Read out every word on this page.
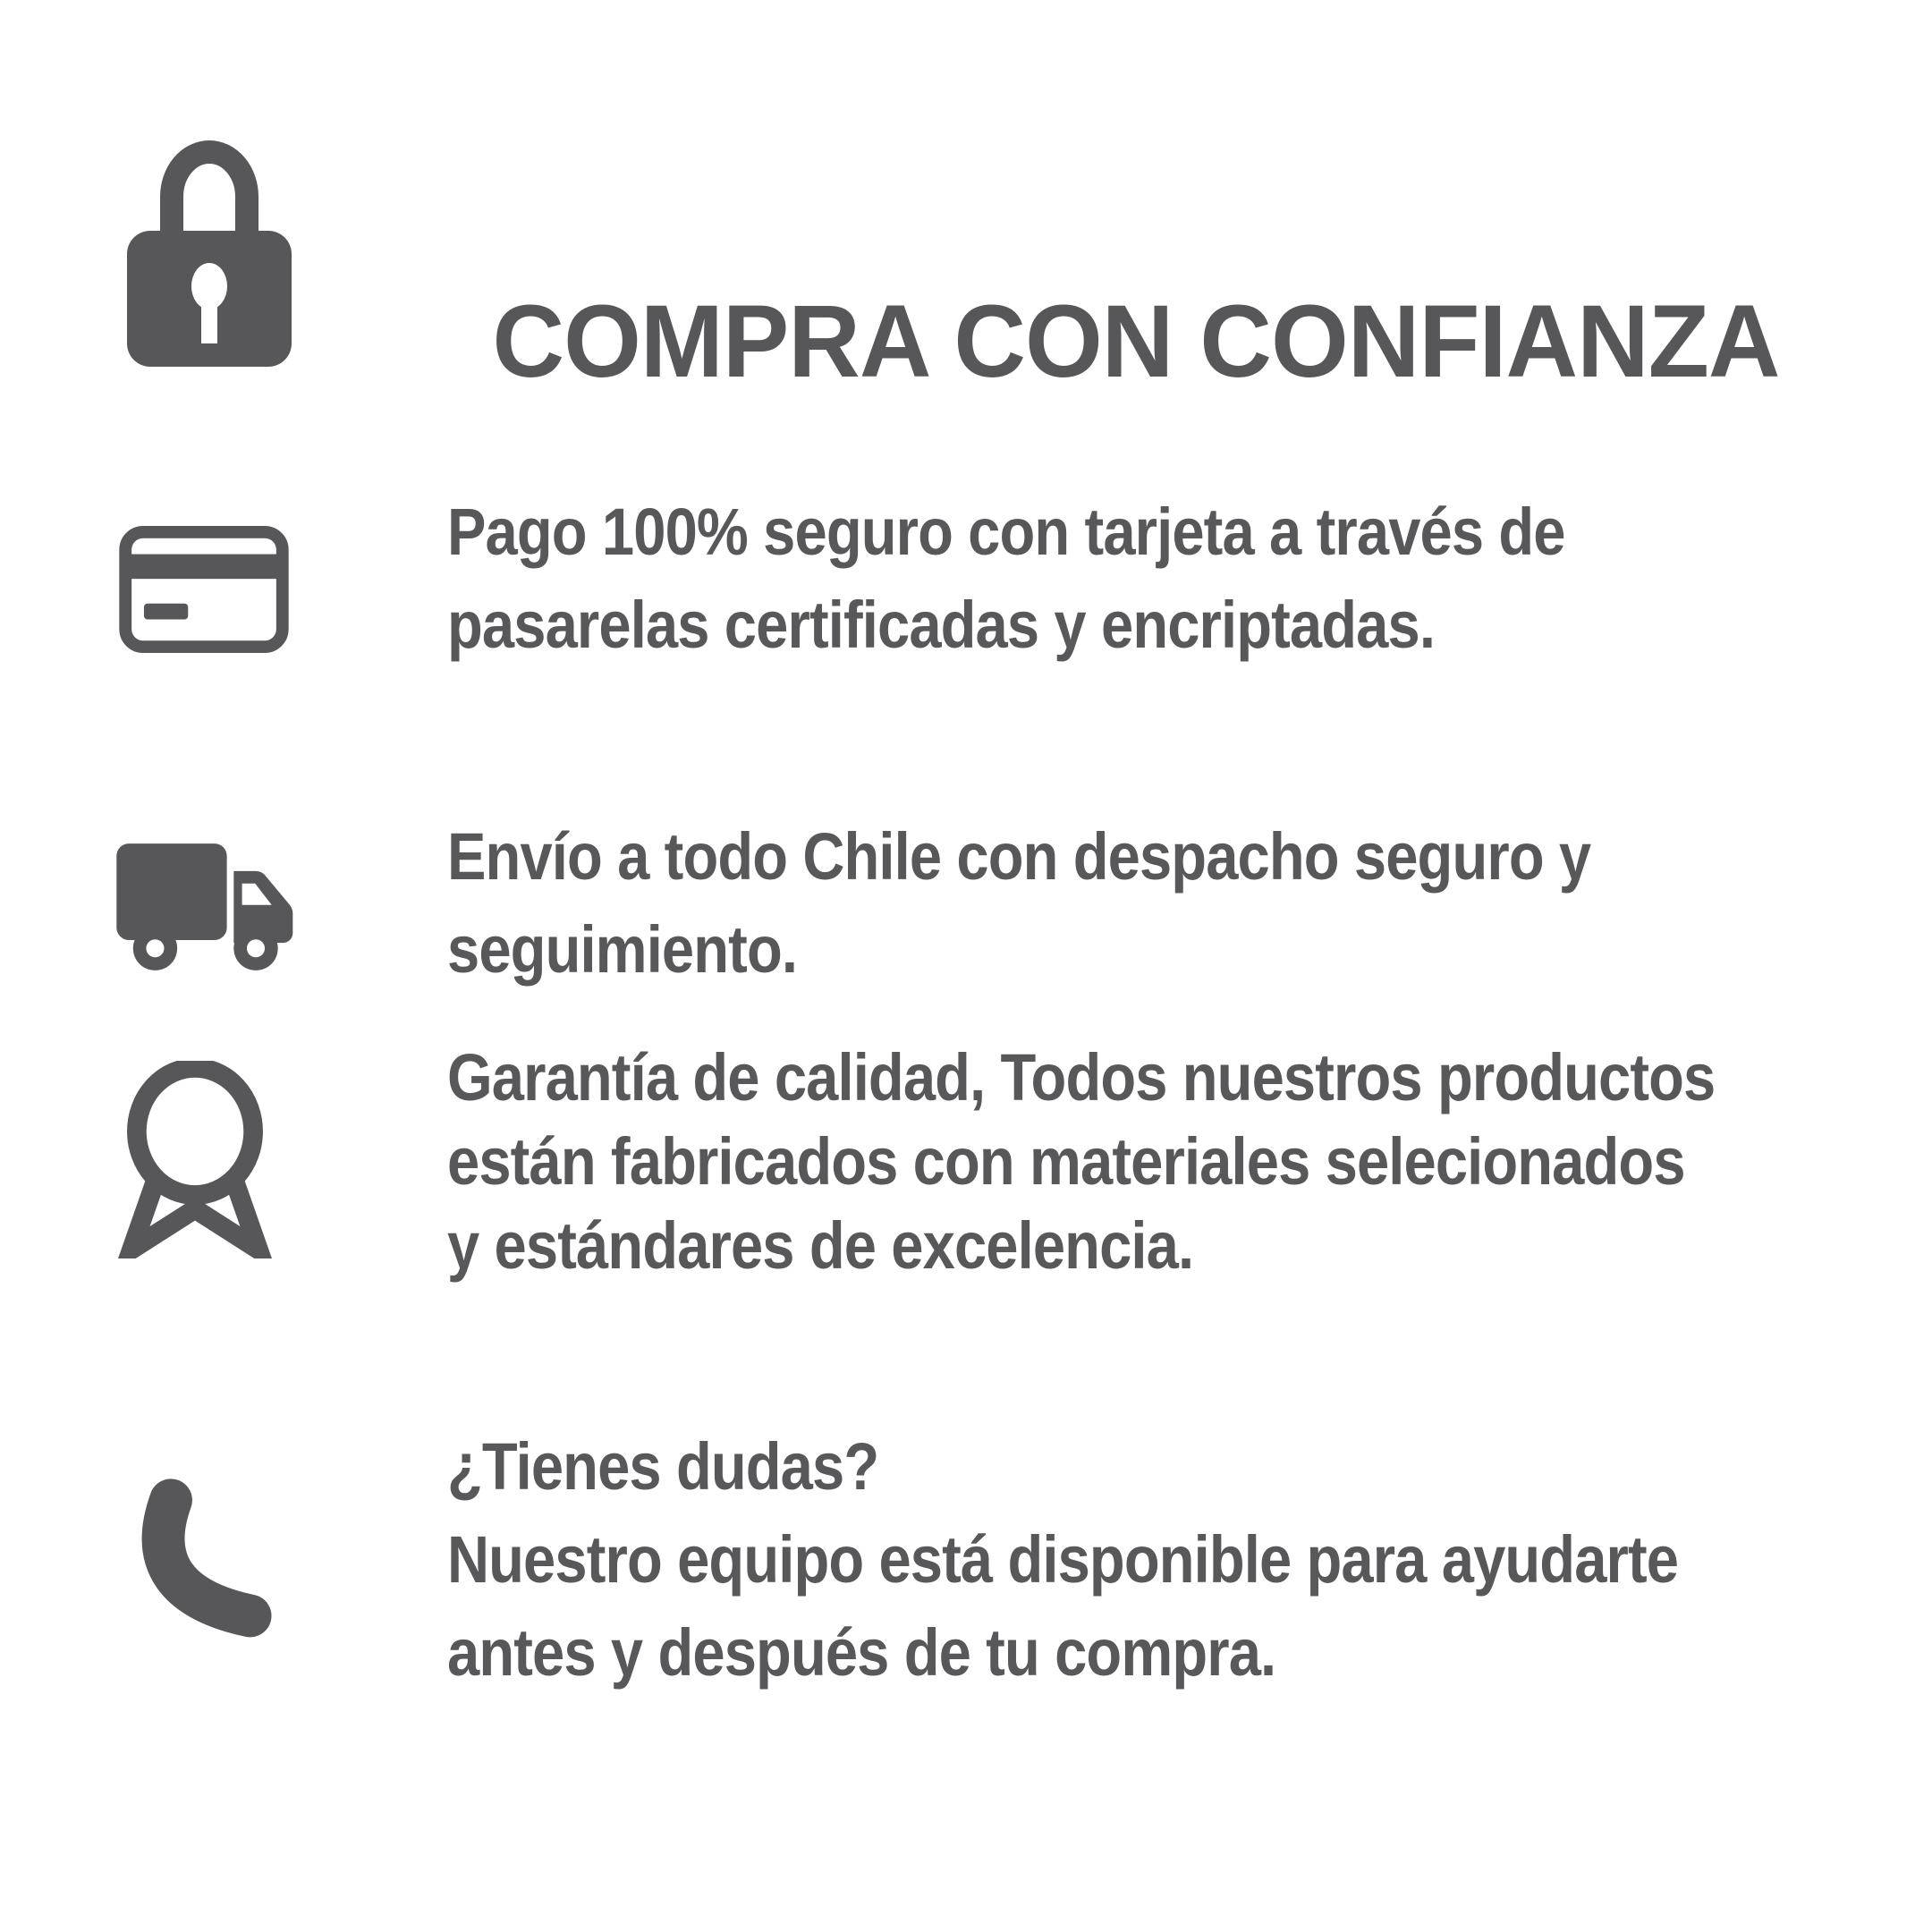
COMPRA CON CONFIANZA
Pago 100% seguro con tarjeta a través de
pasarelas certificadas y encriptadas.
Envío a todo Chile con despacho seguro y
seguimiento.
Garantía de calidad, Todos nuestros productos
están fabricados con materiales selecionados
y estándares de excelencia.
¿Tienes dudas?
Nuestro equipo está disponible para ayudarte
antes y después de tu compra.
